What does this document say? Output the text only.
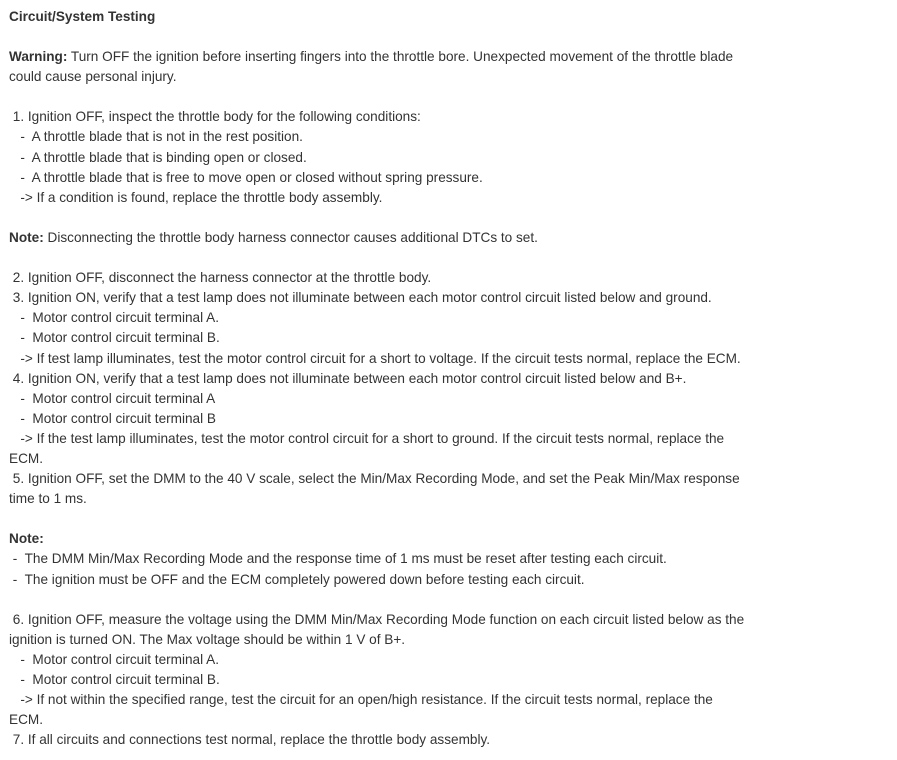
Circuit/System Testing
Warning: Turn OFF the ignition before inserting fingers into the throttle bore. Unexpected movement of the throttle blade
could cause personal injury.
1. Ignition OFF, inspect the throttle body for the following conditions:
-  A throttle blade that is not in the rest position.
-  A throttle blade that is binding open or closed.
-  A throttle blade that is free to move open or closed without spring pressure.
-> If a condition is found, replace the throttle body assembly.
Note: Disconnecting the throttle body harness connector causes additional DTCs to set.
2. Ignition OFF, disconnect the harness connector at the throttle body.
3. Ignition ON, verify that a test lamp does not illuminate between each motor control circuit listed below and ground.
-  Motor control circuit terminal A.
-  Motor control circuit terminal B.
-> If test lamp illuminates, test the motor control circuit for a short to voltage. If the circuit tests normal, replace the ECM.
4. Ignition ON, verify that a test lamp does not illuminate between each motor control circuit listed below and B+.
-  Motor control circuit terminal A
-  Motor control circuit terminal B
-> If the test lamp illuminates, test the motor control circuit for a short to ground. If the circuit tests normal, replace the
ECM.
5. Ignition OFF, set the DMM to the 40 V scale, select the Min/Max Recording Mode, and set the Peak Min/Max response
time to 1 ms.
Note:
-  The DMM Min/Max Recording Mode and the response time of 1 ms must be reset after testing each circuit.
-  The ignition must be OFF and the ECM completely powered down before testing each circuit.
6. Ignition OFF, measure the voltage using the DMM Min/Max Recording Mode function on each circuit listed below as the
ignition is turned ON. The Max voltage should be within 1 V of B+.
-  Motor control circuit terminal A.
-  Motor control circuit terminal B.
-> If not within the specified range, test the circuit for an open/high resistance. If the circuit tests normal, replace the
ECM.
7. If all circuits and connections test normal, replace the throttle body assembly.
